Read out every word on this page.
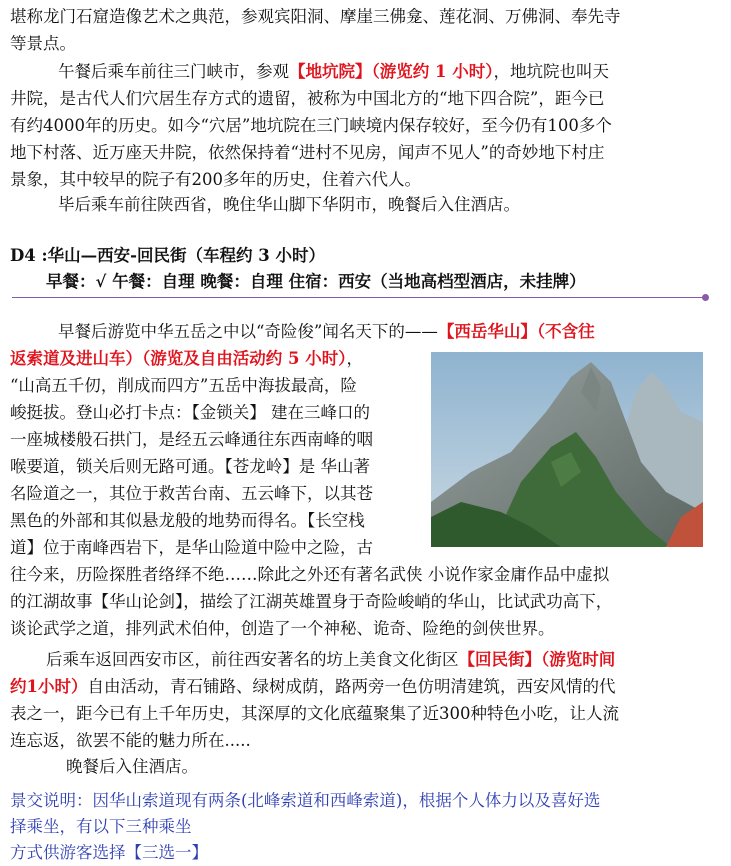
堪称龙门石窟造像艺术之典范，参观宾阳洞、摩崖三佛龛、莲花洞、万佛洞、奉先寺
等景点。
午餐后乘车前往三门峡市，参观【地坑院】（游览约 1 小时），地坑院也叫天
井院，是古代人们穴居生存方式的遗留，被称为中国北方的“地下四合院”，距今已
有约4000年的历史。如今“穴居”地坑院在三门峡境内保存较好，至今仍有100多个
地下村落、近万座天井院，依然保持着“进村不见房，闻声不见人”的奇妙地下村庄
景象，其中较早的院子有200多年的历史，住着六代人。
毕后乘车前往陕西省，晚住华山脚下华阴市，晚餐后入住酒店。
D4 :华山—西安-回民街（车程约 3 小时）
早餐：√ 午餐：自理 晚餐：自理 住宿：西安（当地高档型酒店，未挂牌）
早餐后游览中华五岳之中以“奇险俊”闻名天下的——【西岳华山】（不含往
返索道及进山车）（游览及自由活动约 5 小时），
“山高五千仞，削成而四方”五岳中海拔最高，险
峻挺拔。登山必打卡点：【金锁关】 建在三峰口的
一座城楼般石拱门，是经五云峰通往东西南峰的咽
喉要道，锁关后则无路可通。【苍龙岭】是 华山著
名险道之一，其位于救苦台南、五云峰下，以其苍
黑色的外部和其似悬龙般的地势而得名。【长空栈
道】位于南峰西岩下，是华山险道中险中之险，古
往今来，历险探胜者络绎不绝……除此之外还有著名武侠 小说作家金庸作品中虚拟
的江湖故事【华山论剑】，描绘了江湖英雄置身于奇险峻峭的华山，比试武功高下，
谈论武学之道，排列武术伯仲，创造了一个神秘、诡奇、险绝的剑侠世界。
后乘车返回西安市区，前往西安著名的坊上美食文化街区【回民街】（游览时间
约1小时）自由活动，青石铺路、绿树成荫，路两旁一色仿明清建筑，西安风情的代
表之一，距今已有上千年历史，其深厚的文化底蕴聚集了近300种特色小吃，让人流
连忘返，欲罢不能的魅力所在.....
晚餐后入住酒店。
景交说明：因华山索道现有两条(北峰索道和西峰索道)，根据个人体力以及喜好选
择乘坐，有以下三种乘坐
方式供游客选择【三选一】
